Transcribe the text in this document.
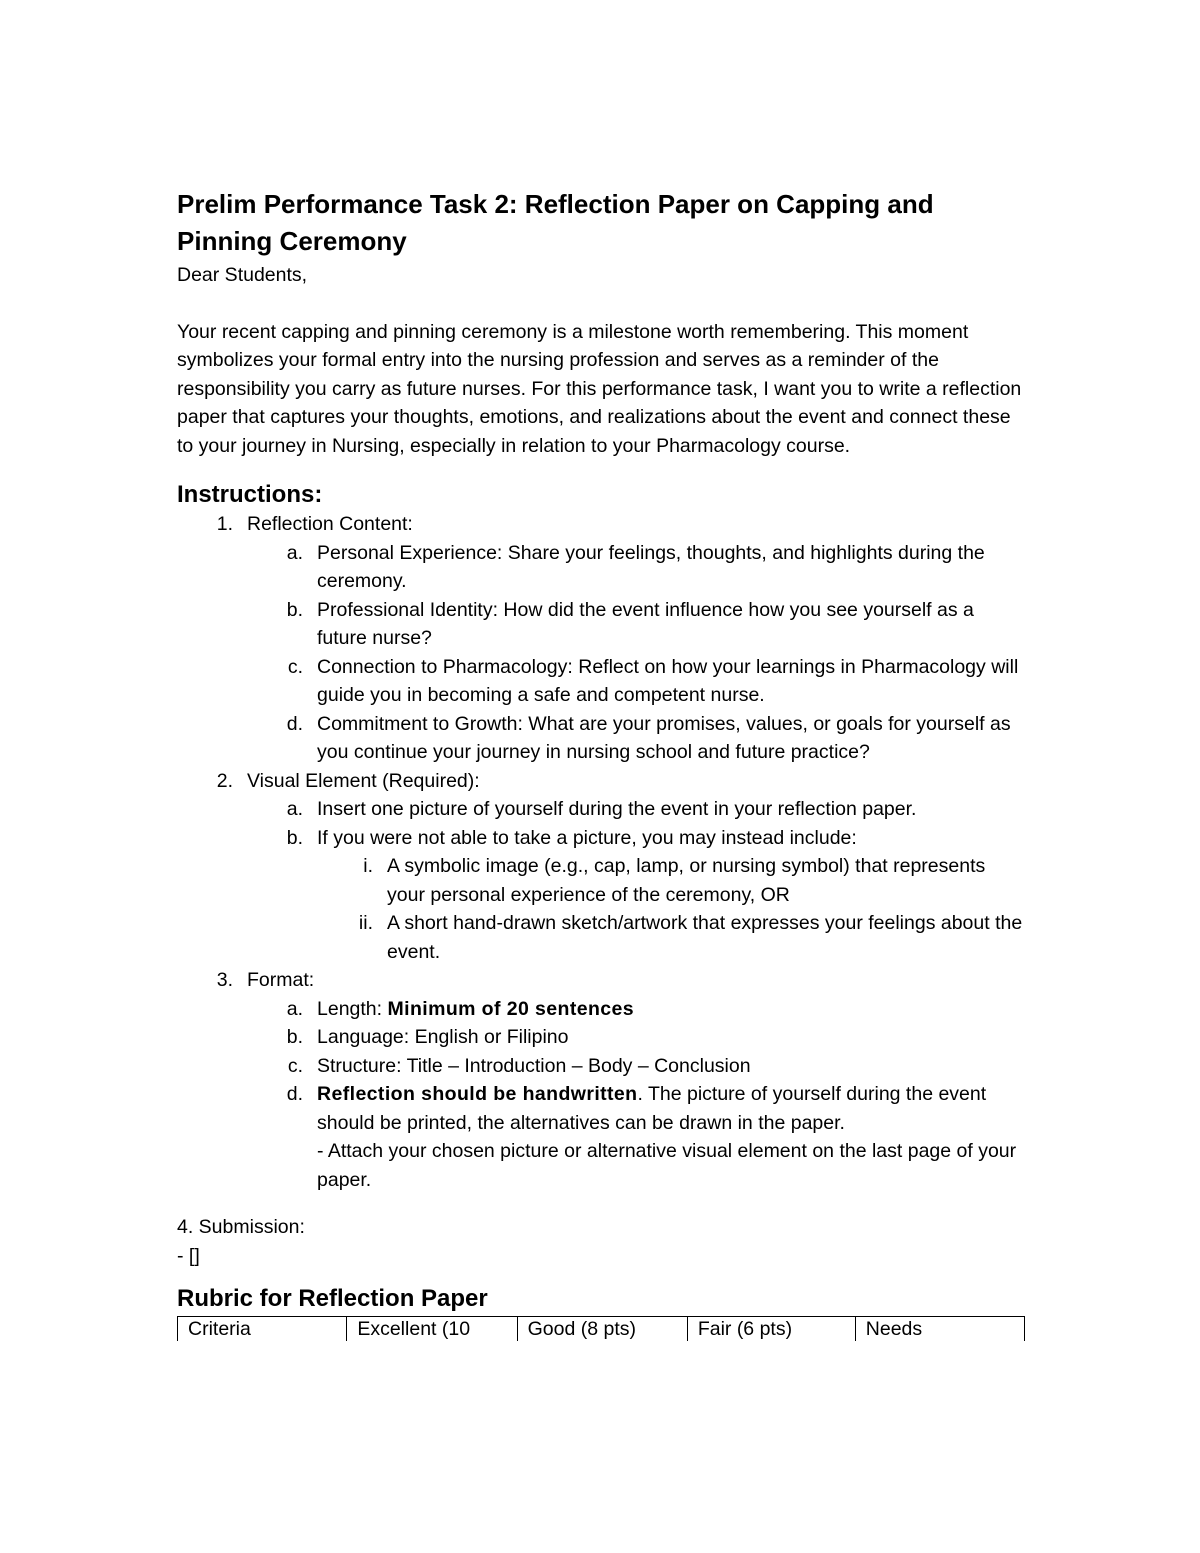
Prelim Performance Task 2: Reflection Paper on Capping and Pinning Ceremony

Dear Students,

Your recent capping and pinning ceremony is a milestone worth remembering. This moment symbolizes your formal entry into the nursing profession and serves as a reminder of the responsibility you carry as future nurses. For this performance task, I want you to write a reflection paper that captures your thoughts, emotions, and realizations about the event and connect these to your journey in Nursing, especially in relation to your Pharmacology course.

Instructions:
1. Reflection Content:
a. Personal Experience: Share your feelings, thoughts, and highlights during the ceremony.
b. Professional Identity: How did the event influence how you see yourself as a future nurse?
c. Connection to Pharmacology: Reflect on how your learnings in Pharmacology will guide you in becoming a safe and competent nurse.
d. Commitment to Growth: What are your promises, values, or goals for yourself as you continue your journey in nursing school and future practice?
2. Visual Element (Required):
a. Insert one picture of yourself during the event in your reflection paper.
b. If you were not able to take a picture, you may instead include:
i. A symbolic image (e.g., cap, lamp, or nursing symbol) that represents your personal experience of the ceremony, OR
ii. A short hand-drawn sketch/artwork that expresses your feelings about the event.
3. Format:
a. Length: Minimum of 20 sentences
b. Language: English or Filipino
c. Structure: Title – Introduction – Body – Conclusion
d. Reflection should be handwritten. The picture of yourself during the event should be printed, the alternatives can be drawn in the paper.
- Attach your chosen picture or alternative visual element on the last page of your paper.

4. Submission:

- []

Rubric for Reflection Paper
Criteria	Excellent (10	Good (8 pts)	Fair (6 pts)	Needs
